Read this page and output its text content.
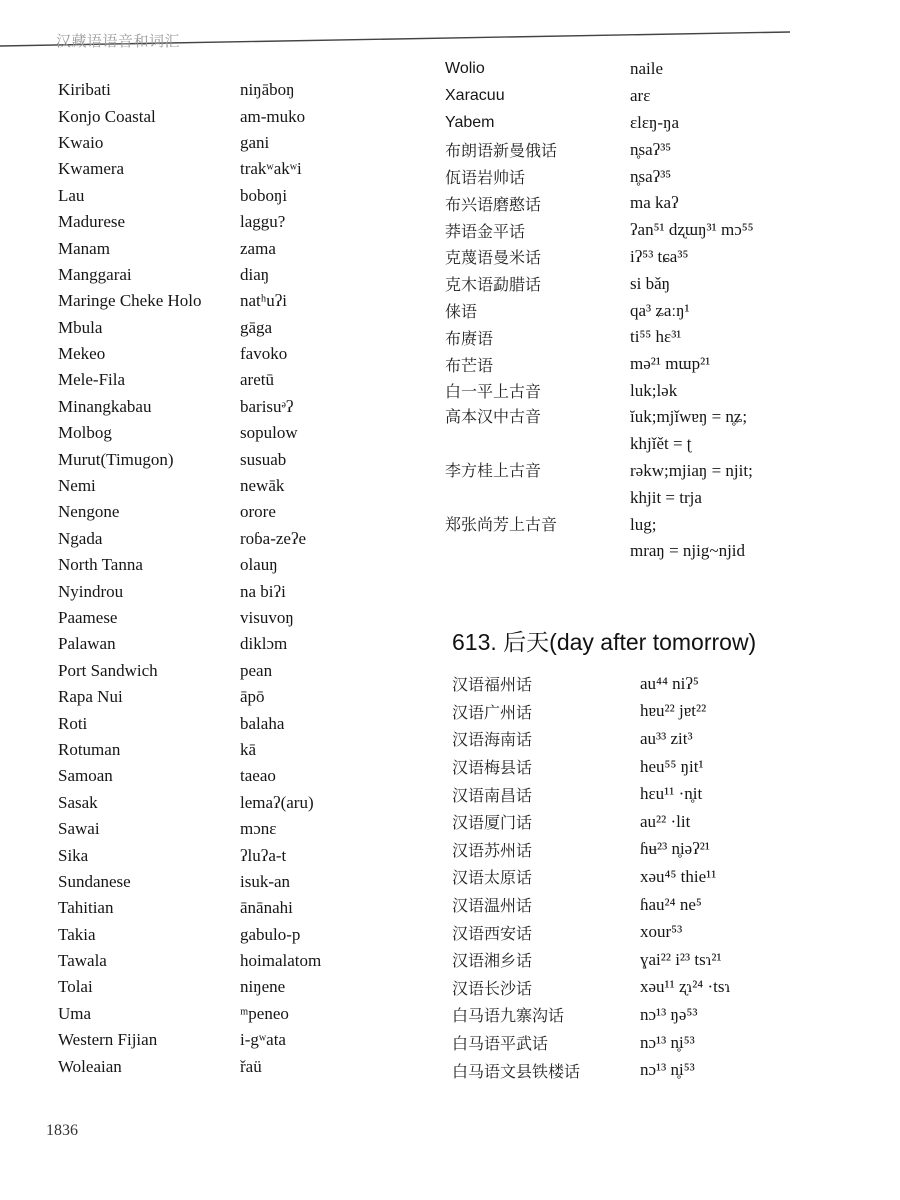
汉藏语语音和词汇
Kiribati	niŋāboŋ
Konjo Coastal	am-muko
Kwaio	gani
Kwamera	trakʷakʷi
Lau	boboŋi
Madurese	laggu?
Manam	zama
Manggarai	diaŋ
Maringe Cheke Holo	natʰuʔi
Mbula	gāga
Mekeo	favoko
Mele-Fila	aretū
Minangkabau	barisuᵊʔ
Molbog	sopulow
Murut(Timugon)	susuab
Nemi	newāk
Nengone	orore
Ngada	roɓa-zeʔe
North Tanna	olauŋ
Nyindrou	na biʔi
Paamese	visuvoŋ
Palawan	diklɔm
Port Sandwich	pean
Rapa Nui	āpō
Roti	balaha
Rotuman	kā
Samoan	taeao
Sasak	lemaʔ(aru)
Sawai	mɔnɛ
Sika	ʔluʔa-t
Sundanese	isuk-an
Tahitian	ānānahi
Takia	gabulo-p
Tawala	hoimalatom
Tolai	niŋene
Uma	ᵐpeneo
Western Fijian	i-gʷata
Woleaian	řaü
Wolio	naile
Xaracuu	arɛ
Yabem	ɛlɛŋ-ŋa
布朗语新曼俄话	n̥saʔ³⁵
佤语岩帅话	n̥saʔ³⁵
布兴语磨憨话	ma kaʔ
莽语金平话	ʔan⁵¹ dʐɯŋ³¹ mɔ⁵⁵
克蔑语曼米话	iʔ⁵³ tɕa³⁵
克木语勐腊话	si bǎŋ
俫语	qa³ ʑaːŋ¹
布赓语	ti⁵⁵ hɛ³¹
布芒语	mə²¹ mɯp²¹
白一平上古音	luk;lək
高本汉中古音	ĭuk;mjǐwɐŋ = n̥ʑ;
khjǐět = ʈ
李方桂上古音	rəkw;mjiaŋ = njit;
khjit = trja
郑张尚芳上古音	lug;
mraŋ = njig~njid
613. 后天(day after tomorrow)
汉语福州话	au⁴⁴ niʔ⁵
汉语广州话	hɐu²² jɐt²²
汉语海南话	au³³ zit³
汉语梅县话	heu⁵⁵ ŋit¹
汉语南昌话	hɛu¹¹ ·n̥it
汉语厦门话	au²² ·lit
汉语苏州话	ɦʉ²³ n̥iəʔ²¹
汉语太原话	xəu⁴⁵ thie¹¹
汉语温州话	ɦau²⁴ ne⁵
汉语西安话	xour⁵³
汉语湘乡话	ɣai²² i²³ tsɿ²¹
汉语长沙话	xəu¹¹ ʐɿ²⁴ ·tsɿ
白马语九寨沟话	nɔ¹³ ŋə⁵³
白马语平武话	nɔ¹³ n̥i⁵³
白马语文县铁楼话	nɔ¹³ n̥i⁵³
1836
